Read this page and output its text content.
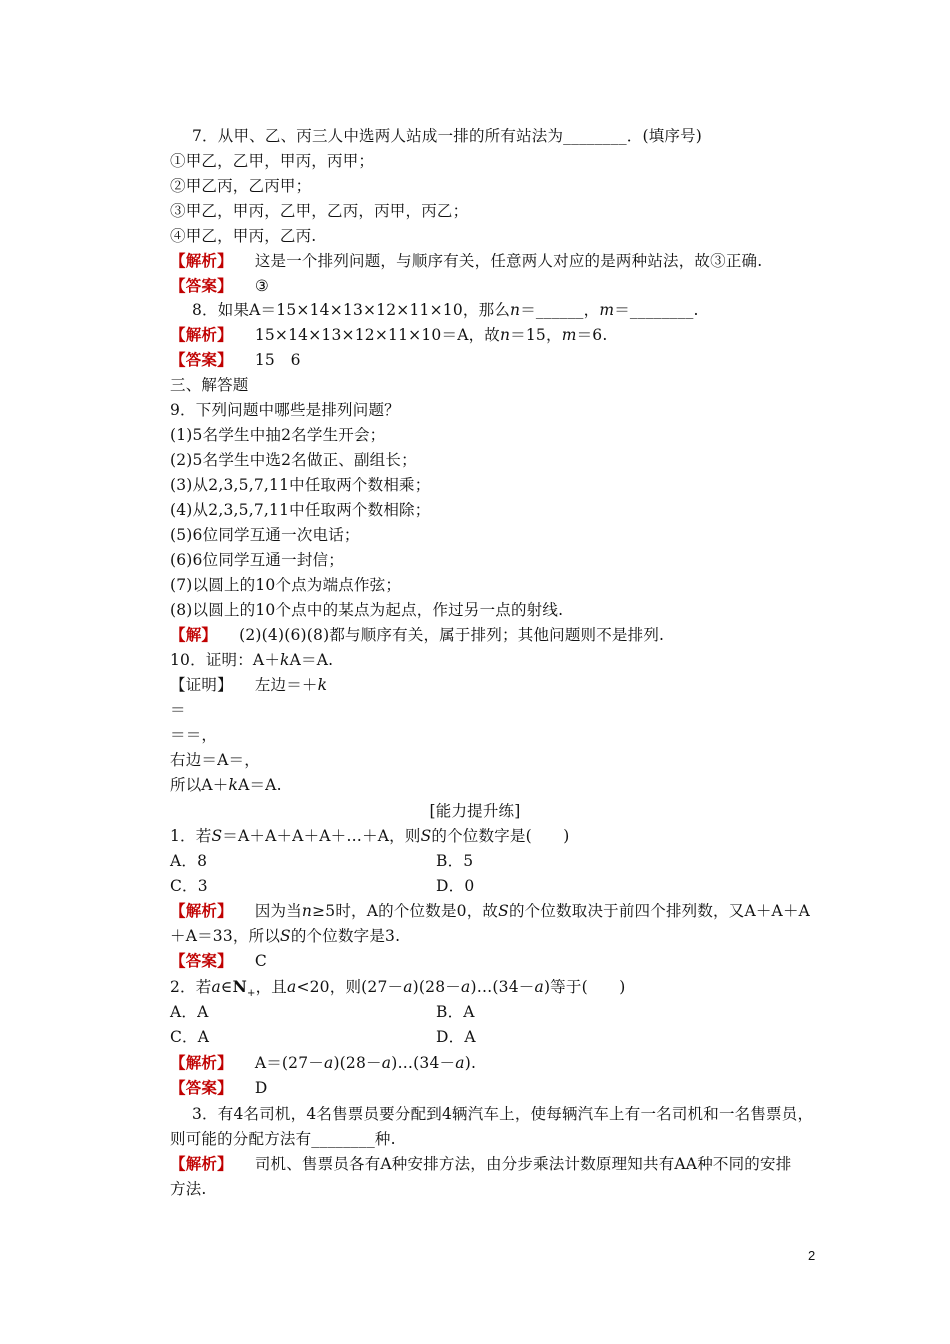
7．从甲、乙、丙三人中选两人站成一排的所有站法为________．(填序号)
①甲乙，乙甲，甲丙，丙甲；
②甲乙丙，乙丙甲；
③甲乙，甲丙，乙甲，乙丙，丙甲，丙乙；
④甲乙，甲丙，乙丙.
【解析】 这是一个排列问题，与顺序有关，任意两人对应的是两种站法，故③正确.
【答案】 ③
8．如果A＝15×14×13×12×11×10，那么n＝______，m＝________.
【解析】 15×14×13×12×11×10＝A，故n＝15，m＝6.
【答案】 15　6
三、解答题
9．下列问题中哪些是排列问题？
(1)5名学生中抽2名学生开会；
(2)5名学生中选2名做正、副组长；
(3)从2,3,5,7,11中任取两个数相乘；
(4)从2,3,5,7,11中任取两个数相除；
(5)6位同学互通一次电话；
(6)6位同学互通一封信；
(7)以圆上的10个点为端点作弦；
(8)以圆上的10个点中的某点为起点，作过另一点的射线.
【解】 (2)(4)(6)(8)都与顺序有关，属于排列；其他问题则不是排列.
10．证明：A＋kA＝A.
【证明】 左边＝＋k
＝
＝＝，
右边＝A＝，
所以A＋kA＝A.
[能力提升练]
1．若S＝A＋A＋A＋A＋…＋A，则S的个位数字是(　　)
A．8	B．5
C．3	D．0
【解析】 因为当n≥5时，A的个位数是0，故S的个位数取决于前四个排列数，又A＋A＋A
＋A＝33，所以S的个位数字是3.
【答案】 C
2．若$a\in N_+$，且a<20，则(27－a)(28－a)…(34－a)等于(　　)
A．A	B．A
C．A	D．A
【解析】 A＝(27－a)(28－a)…(34－a).
【答案】 D
3．有4名司机，4名售票员要分配到4辆汽车上，使每辆汽车上有一名司机和一名售票员，
则可能的分配方法有________种.
【解析】 司机、售票员各有A种安排方法，由分步乘法计数原理知共有AA种不同的安排
方法.
2
